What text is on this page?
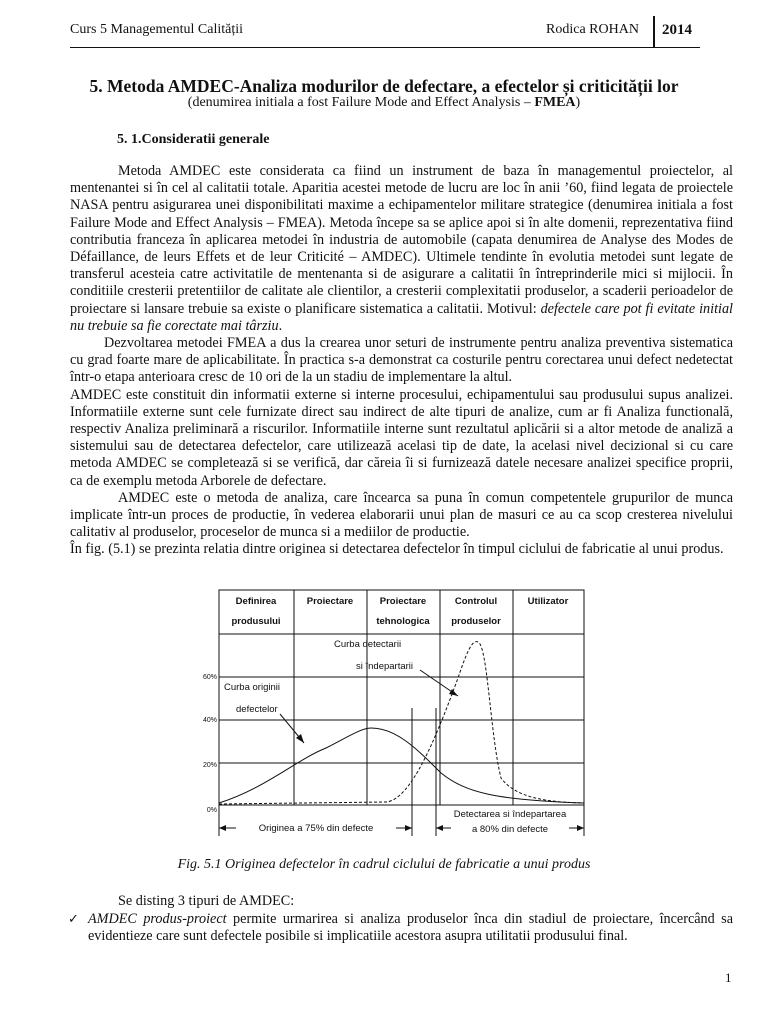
Curs 5 Managementul Calității	Rodica ROHAN 2014
5. Metoda AMDEC-Analiza modurilor de defectare, a efectelor și criticității lor
(denumirea initiala a fost Failure Mode and Effect Analysis – FMEA)
5. 1.Consideratii generale

Metoda AMDEC este considerata ca fiind un instrument de baza în managementul proiectelor, al mentenantei si în cel al calitatii totale. Aparitia acestei metode de lucru are loc în anii ’60, fiind legata de proiectele NASA pentru asigurarea unei disponibilitati maxime a echipamentelor militare strategice (denumirea initiala a fost Failure Mode and Effect Analysis – FMEA). Metoda începe sa se aplice apoi si în alte domenii, reprezentativa fiind contributia franceza în aplicarea metodei în industria de automobile (capata denumirea de Analyse des Modes de Défaillance, de leurs Effets et de leur Criticité – AMDEC). Ultimele tendinte în evolutia metodei sunt legate de transferul acesteia catre activitatile de mentenanta si de asigurare a calitatii în întreprinderile mici si mijlocii. În conditiile cresterii pretentiilor de calitate ale clientilor, a cresterii complexitatii produselor, a scaderii perioadelor de proiectare si lansare trebuie sa existe o planificare sistematica a calitatii. Motivul: defectele care pot fi evitate initial nu trebuie sa fie corectate mai târziu.

Dezvoltarea metodei FMEA a dus la crearea unor seturi de instrumente pentru analiza preventiva sistematica cu grad foarte mare de aplicabilitate. În practica s-a demonstrat ca costurile pentru corectarea unui defect nedetectat într-o etapa anterioara cresc de 10 ori de la un stadiu de implementare la altul.

AMDEC este constituit din informatii externe si interne procesului, echipamentului sau produsului supus analizei. Informatiile externe sunt cele furnizate direct sau indirect de alte tipuri de analize, cum ar fi Analiza functională, respectiv Analiza preliminară a riscurilor. Informatiile interne sunt rezultatul aplicării si a altor metode de analiză a sistemului sau de detectarea defectelor, care utilizează acelasi tip de date, la acelasi nivel decizional si cu care metoda AMDEC se completează si se verifică, dar căreia îi si furnizează datele necesare analizei specifice proprii, ca de exemplu metoda Arborele de defectare.

AMDEC este o metoda de analiza, care încearca sa puna în comun competentele grupurilor de munca implicate într-un proces de productie, în vederea elaborarii unui plan de masuri ce au ca scop cresterea nivelului calitativ al produselor, proceselor de munca si a mediilor de productie.

În fig. (5.1) se prezinta relatia dintre originea si detectarea defectelor în timpul ciclului de fabricatie al unui produs.

Definirea
produsului
Proiectare	Proiectare
tehnologica
Controlul
produselor
Utilizator
0%
20%
40%
60%
Curba originii
defectelor
Curba detectarii
si îndepartarii
Originea a 75% din defecte
Detectarea si îndepartarea
a 80% din defecte
Fig. 5.1 Originea defectelor în cadrul ciclului de fabricatie a unui produs
Se disting 3 tipuri de AMDEC:
✓ AMDEC produs-proiect permite urmarirea si analiza produselor înca din stadiul de proiectare, încercând sa evidentieze care sunt defectele posibile si implicatiile acestora asupra utilitatii produsului final.
1
